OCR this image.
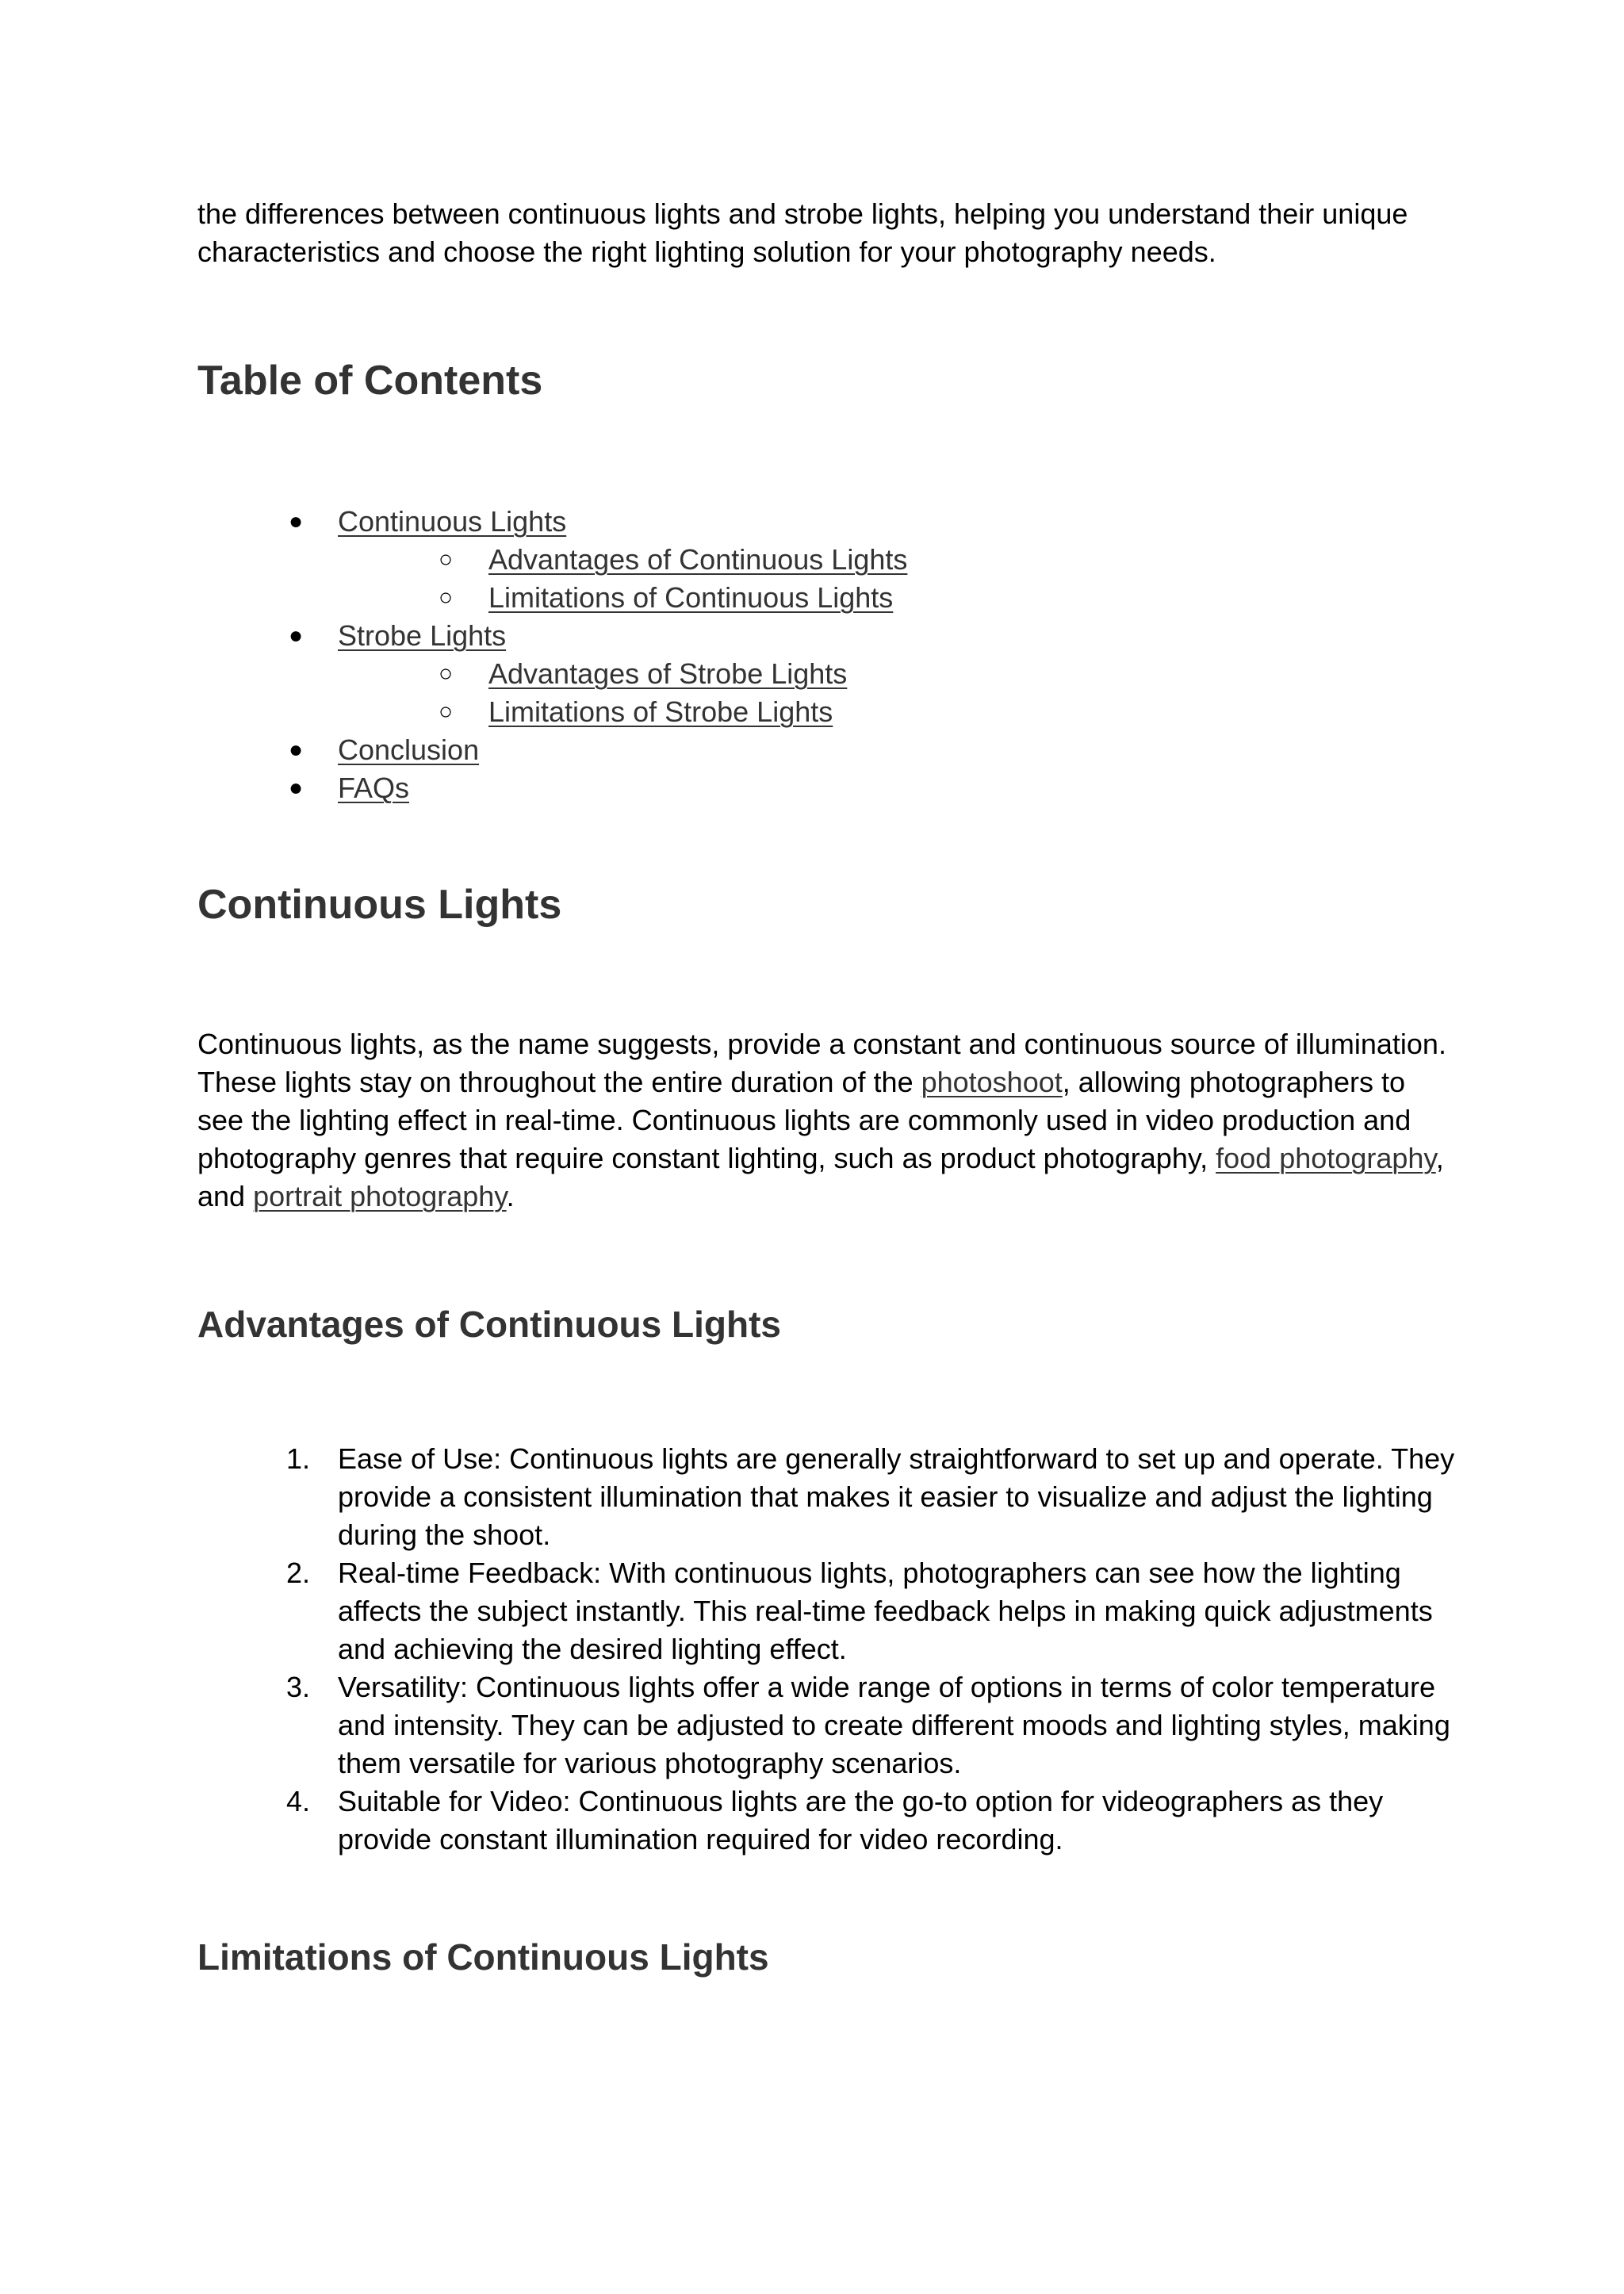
the differences between continuous lights and strobe lights, helping you understand their unique characteristics and choose the right lighting solution for your photography needs.

Table of Contents
● Continuous Lights
○ Advantages of Continuous Lights
○ Limitations of Continuous Lights
● Strobe Lights
○ Advantages of Strobe Lights
○ Limitations of Strobe Lights
● Conclusion
● FAQs
Continuous Lights

Continuous lights, as the name suggests, provide a constant and continuous source of illumination. These lights stay on throughout the entire duration of the photoshoot, allowing photographers to see the lighting effect in real-time. Continuous lights are commonly used in video production and photography genres that require constant lighting, such as product photography, food photography, and portrait photography.

Advantages of Continuous Lights
1. Ease of Use: Continuous lights are generally straightforward to set up and operate. They provide a consistent illumination that makes it easier to visualize and adjust the lighting during the shoot.
2. Real-time Feedback: With continuous lights, photographers can see how the lighting affects the subject instantly. This real-time feedback helps in making quick adjustments and achieving the desired lighting effect.
3. Versatility: Continuous lights offer a wide range of options in terms of color temperature and intensity. They can be adjusted to create different moods and lighting styles, making them versatile for various photography scenarios.
4. Suitable for Video: Continuous lights are the go-to option for videographers as they provide constant illumination required for video recording.
Limitations of Continuous Lights
